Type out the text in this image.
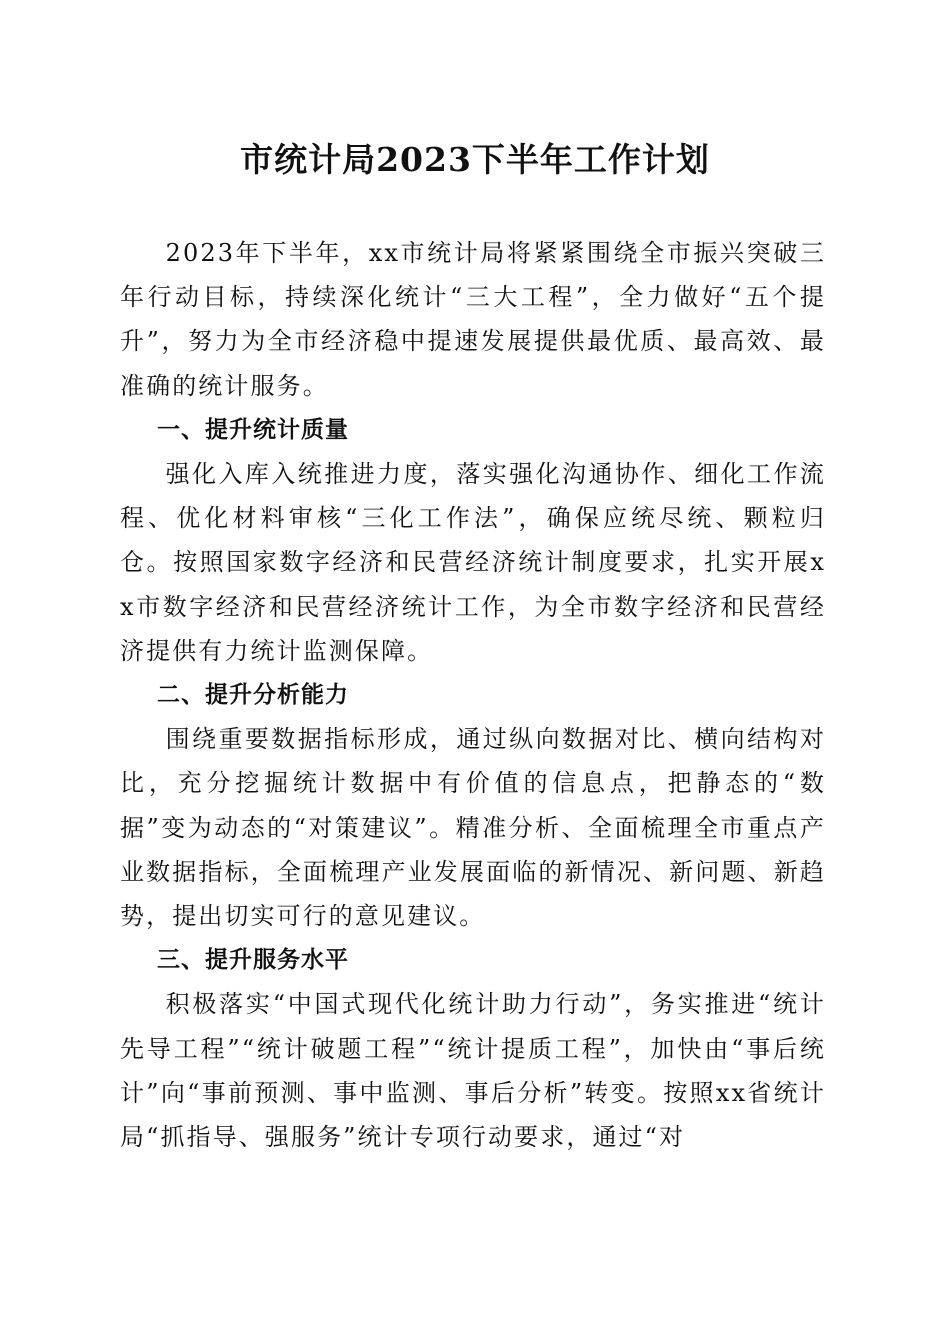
市统计局2023下半年工作计划

2023年下半年，xx市统计局将紧紧围绕全市振兴突破三年行动目标，持续深化统计“三大工程”，全力做好“五个提升”，努力为全市经济稳中提速发展提供最优质、最高效、最准确的统计服务。

一、提升统计质量

强化入库入统推进力度，落实强化沟通协作、细化工作流程、优化材料审核“三化工作法”，确保应统尽统、颗粒归仓。按照国家数字经济和民营经济统计制度要求，扎实开展xx市数字经济和民营经济统计工作，为全市数字经济和民营经济提供有力统计监测保障。

二、提升分析能力

围绕重要数据指标形成，通过纵向数据对比、横向结构对比，充分挖掘统计数据中有价值的信息点，把静态的“数据”变为动态的“对策建议”。精准分析、全面梳理全市重点产业数据指标，全面梳理产业发展面临的新情况、新问题、新趋势，提出切实可行的意见建议。

三、提升服务水平

积极落实“中国式现代化统计助力行动”，务实推进“统计先导工程”“统计破题工程”“统计提质工程”，加快由“事后统计”向“事前预测、事中监测、事后分析”转变。按照xx省统计局“抓指导、强服务”统计专项行动要求，通过“对
